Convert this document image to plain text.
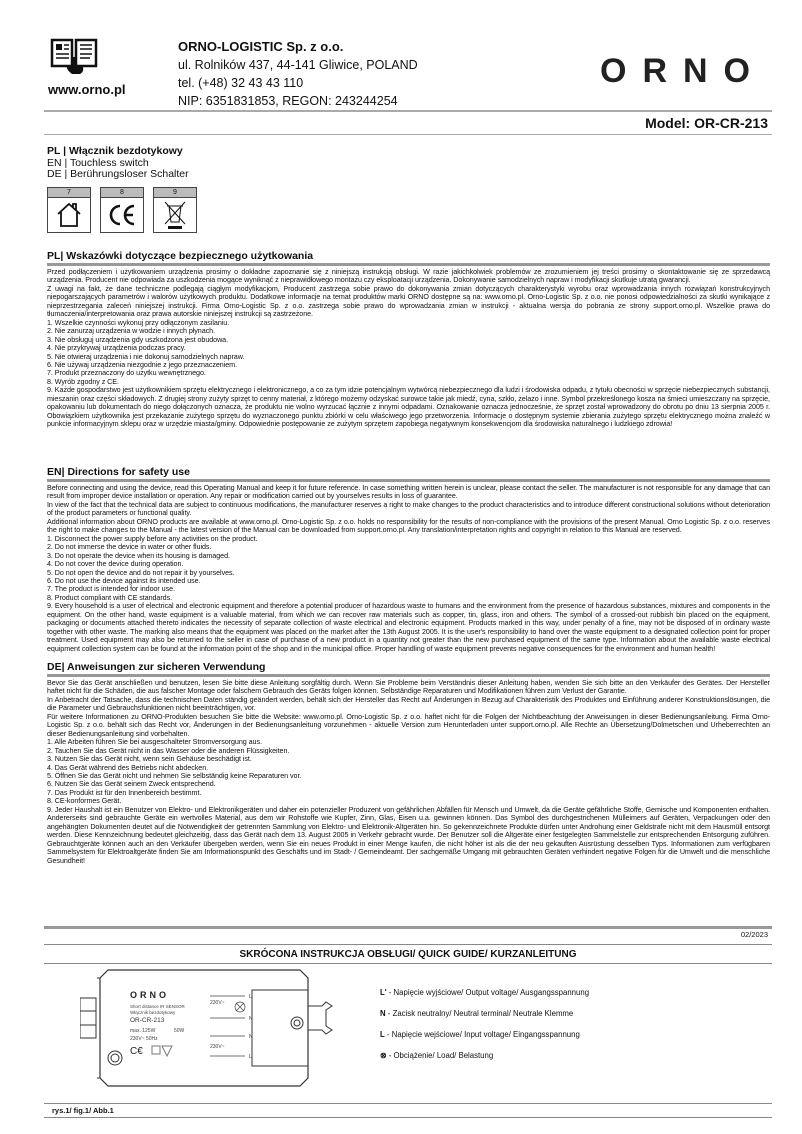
www.orno.pl
ORNO-LOGISTIC Sp. z o.o.
ul. Rolników 437, 44-141 Gliwice, POLAND
tel. (+48) 32 43 43 110
NIP: 6351831853, REGON: 243244254
ORNO
Model: OR-CR-213
PL | Włącznik bezdotykowy
EN | Touchless switch
DE | Berührungsloser Schalter
7	8	9
PL| Wskazówki dotyczące bezpiecznego użytkowania

Przed podłączeniem i użytkowaniem urządzenia prosimy o dokładne zapoznanie się z niniejszą instrukcją obsługi. W razie jakichkolwiek problemów ze zrozumieniem jej treści prosimy o skontaktowanie się ze sprzedawcą urządzenia. Producent nie odpowiada za uszkodzenia mogące wyniknąć z nieprawidłowego montażu czy eksploatacji urządzenia. Dokonywanie samodzielnych napraw i modyfikacji skutkuje utratą gwarancji.

Z uwagi na fakt, że dane techniczne podlegają ciągłym modyfikacjom, Producent zastrzega sobie prawo do dokonywania zmian dotyczących charakterystyki wyrobu oraz wprowadzania innych rozwiązań konstrukcyjnych niepogarszających parametrów i walorów użytkowych produktu. Dodatkowe informacje na temat produktów marki ORNO dostępne są na: www.orno.pl. Orno-Logistic Sp. z o.o. nie ponosi odpowiedzialności za skutki wynikające z nieprzestrzegania zaleceń niniejszej instrukcji. Firma Orno-Logistic Sp. z o.o. zastrzega sobie prawo do wprowadzania zmian w instrukcji - aktualna wersja do pobrania ze strony support.orno.pl. Wszelkie prawa do tłumaczenia/interpretowania oraz prawa autorskie niniejszej instrukcji są zastrzeżone.

1. Wszelkie czynności wykonuj przy odłączonym zasilaniu.

2. Nie zanurzaj urządzenia w wodzie i innych płynach.

3. Nie obsługuj urządzenia gdy uszkodzona jest obudowa.

4. Nie przykrywaj urządzenia podczas pracy.

5. Nie otwieraj urządzenia i nie dokonuj samodzielnych napraw.

6. Nie używaj urządzenia niezgodnie z jego przeznaczeniem.

7. Produkt przeznaczony do użytku wewnętrznego.

8. Wyrób zgodny z CE.

9. Każde gospodarstwo jest użytkownikiem sprzętu elektrycznego i elektronicznego, a co za tym idzie potencjalnym wytwórcą niebezpiecznego dla ludzi i środowiska odpadu, z tytułu obecności w sprzęcie niebezpiecznych substancji, mieszanin oraz części składowych. Z drugiej strony zużyty sprzęt to cenny materiał, z którego możemy odzyskać surowce takie jak miedź, cyna, szkło, żelazo i inne. Symbol przekreślonego kosza na śmieci umieszczany na sprzęcie, opakowaniu lub dokumentach do niego dołączonych oznacza, że produktu nie wolno wyrzucać łącznie z innymi odpadami. Oznakowanie oznacza jednocześnie, że sprzęt został wprowadzony do obrotu po dniu 13 sierpnia 2005 r. Obowiązkiem użytkownika jest przekazanie zużytego sprzętu do wyznaczonego punktu zbiórki w celu właściwego jego przetworzenia. Informacje o dostępnym systemie zbierania zużytego sprzętu elektrycznego można znaleźć w punkcie informacyjnym sklepu oraz w urzędzie miasta/gminy. Odpowiednie postępowanie ze zużytym sprzętem zapobiega negatywnym konsekwencjom dla środowiska naturalnego i ludzkiego zdrowia!

EN| Directions for safety use

Before connecting and using the device, read this Operating Manual and keep it for future reference. In case something written herein is unclear, please contact the seller. The manufacturer is not responsible for any damage that can result from improper device installation or operation. Any repair or modification carried out by yourselves results in loss of guarantee.

In view of the fact that the technical data are subject to continuous modifications, the manufacturer reserves a right to make changes to the product characteristics and to introduce different constructional solutions without deterioration of the product parameters or functional quality.

Additional information about ORNO products are available at www.orno.pl. Orno-Logistic Sp. z o.o. holds no responsibility for the results of non-compliance with the provisions of the present Manual. Orno Logistic Sp. z o.o. reserves the right to make changes to the Manual - the latest version of the Manual can be downloaded from support.orno.pl. Any translation/interpretation rights and copyright in relation to this Manual are reserved.

1. Disconnect the power supply before any activities on the product.

2. Do not immerse the device in water or other fluids.

3. Do not operate the device when its housing is damaged.

4. Do not cover the device during operation.

5. Do not open the device and do not repair it by yourselves.

6. Do not use the device against its intended use.

7. The product is intended for indoor use.

8. Product compliant with CE standards.

9. Every household is a user of electrical and electronic equipment and therefore a potential producer of hazardous waste to humans and the environment from the presence of hazardous substances, mixtures and components in the equipment. On the other hand, waste equipment is a valuable material, from which we can recover raw materials such as copper, tin, glass, iron and others. The symbol of a crossed-out rubbish bin placed on the equipment, packaging or documents attached thereto indicates the necessity of separate collection of waste electrical and electronic equipment. Products marked in this way, under penalty of a fine, may not be disposed of in ordinary waste together with other waste. The marking also means that the equipment was placed on the market after the 13th August 2005. It is the user's responsibility to hand over the waste equipment to a designated collection point for proper treatment. Used equipment may also be returned to the seller in case of purchase of a new product in a quantity not greater than the new purchased equipment of the same type. Information about the available waste electrical equipment collection system can be found at the information point of the shop and in the municipal office. Proper handling of waste equipment prevents negative consequences for the environment and human health!

DE| Anweisungen zur sicheren Verwendung

Bevor Sie das Gerät anschließen und benutzen, lesen Sie bitte diese Anleitung sorgfältig durch. Wenn Sie Probleme beim Verständnis dieser Anleitung haben, wenden Sie sich bitte an den Verkäufer des Gerätes. Der Hersteller haftet nicht für die Schäden, die aus falscher Montage oder falschem Gebrauch des Geräts folgen können. Selbständige Reparaturen und Modifikationen führen zum Verlust der Garantie.

In Anbetracht der Tatsache, dass die technischen Daten ständig geändert werden, behält sich der Hersteller das Recht auf Änderungen in Bezug auf Charakteristik des Produktes und Einführung anderer Konstruktionslösungen, die die Parameter und Gebrauchsfunktionen nicht beeinträchtigen, vor.

Für weitere Informationen zu ORNO-Produkten besuchen Sie bitte die Website: www.orno.pl. Orno-Logistic Sp. z o.o. haftet nicht für die Folgen der Nichtbeachtung der Anweisungen in dieser Bedienungsanleitung. Firma Orno-Logistic Sp. z o.o. behält sich das Recht vor, Änderungen in der Bedienungsanleitung vorzunehmen - aktuelle Version zum Herunterladen unter support.orno.pl. Alle Rechte an Übersetzung/Dolmetschen und Urheberrechten an dieser Bedienungsanleitung sind vorbehalten.

1. Alle Arbeiten führen Sie bei ausgeschalteter Stromversorgung aus.

2. Tauchen Sie das Gerät nicht in das Wasser oder die anderen Flüssigkeiten.

3. Nutzen Sie das Gerät nicht, wenn sein Gehäuse beschädigt ist.

4. Das Gerät während des Betriebs nicht abdecken.

5. Öffnen Sie das Gerät nicht und nehmen Sie selbständig keine Reparaturen vor.

6. Nutzen Sie das Gerät seinem Zweck entsprechend.

7. Das Produkt ist für den Innenbereich bestimmt.

8. CE-konformes Gerät.

9. Jeder Haushalt ist ein Benutzer von Elektro- und Elektronikgeräten und daher ein potenzieller Produzent von gefährlichen Abfällen für Mensch und Umwelt, da die Geräte gefährliche Stoffe, Gemische und Komponenten enthalten. Andererseits sind gebrauchte Geräte ein wertvolles Material, aus dem wir Rohstoffe wie Kupfer, Zinn, Glas, Eisen u.a. gewinnen können. Das Symbol des durchgestrichenen Mülleimers auf Geräten, Verpackungen oder den angehängten Dokumenten deutet auf die Notwendigkeit der getrennten Sammlung von Elektro- und Elektronik-Altgeräten hin. So gekennzeichnete Produkte dürfen unter Androhung einer Geldstrafe nicht mit dem Hausmüll entsorgt werden. Diese Kennzeichnung bedeutet gleichzeitig, dass das Gerät nach dem 13. August 2005 in Verkehr gebracht wurde. Der Benutzer soll die Altgeräte einer festgelegten Sammelstelle zur entsprechenden Entsorgung zuführen. Gebrauchtgeräte können auch an den Verkäufer übergeben werden, wenn Sie ein neues Produkt in einer Menge kaufen, die nicht höher ist als die der neu gekauften Ausrüstung desselben Typs. Informationen zum verfügbaren Sammelsystem für Elektroaltgeräte finden Sie am Informationspunkt des Geschäfts und im Stadt- / Gemeindeamt. Der sachgemäße Umgang mit gebrauchten Geräten verhindert negative Folgen für die Umwelt und die menschliche Gesundheit!

02/2023
SKRÓCONA INSTRUKCJA OBSŁUGI/ QUICK GUIDE/ KURZANLEITUNG
ORNO
Short distance IR SENSOR
Włącznik bezdotykowy
OR-CR-213
max. 125W	50W
230V~ 50Hz
C€
230V~
230V~
L'
N
N
L
L' - Napięcie wyjściowe/ Output voltage/ Ausgangsspannung
N - Zacisk neutralny/ Neutral terminal/ Neutrale Klemme
L - Napięcie wejściowe/ Input voltage/ Eingangsspannung
⊗ - Obciążenie/ Load/ Belastung
rys.1/ fig.1/ Abb.1
